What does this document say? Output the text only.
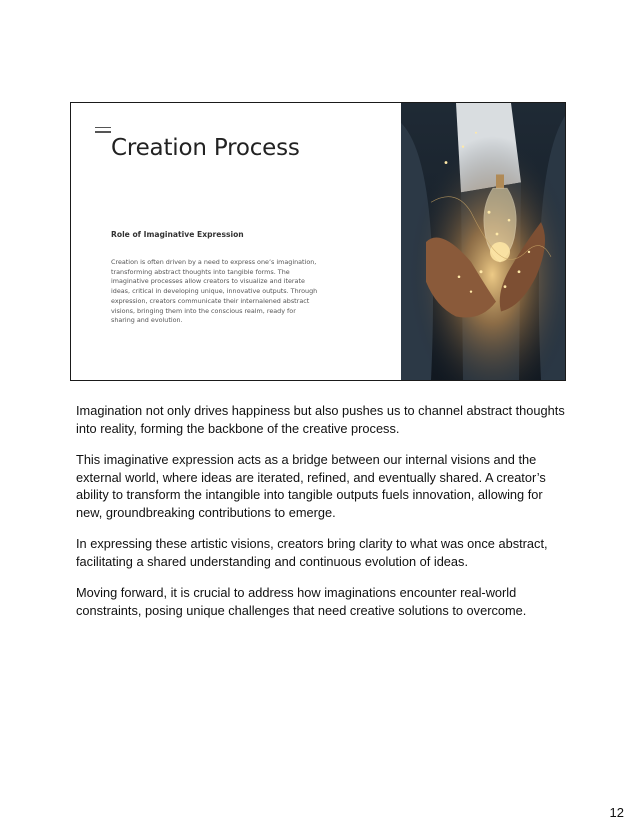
Creation Process
Role of Imaginative Expression

Creation is often driven by a need to express one’s imagination, transforming abstract thoughts into tangible forms. The imaginative processes allow creators to visualize and iterate ideas, critical in developing unique, innovative outputs. Through expression, creators communicate their internalened abstract visions, bringing them into the conscious realm, ready for sharing and evolution.

Imagination not only drives happiness but also pushes us to channel abstract thoughts into reality, forming the backbone of the creative process.

This imaginative expression acts as a bridge between our internal visions and the external world, where ideas are iterated, refined, and eventually shared. A creator’s ability to transform the intangible into tangible outputs fuels innovation, allowing for new, groundbreaking contributions to emerge.

In expressing these artistic visions, creators bring clarity to what was once abstract, facilitating a shared understanding and continuous evolution of ideas.

Moving forward, it is crucial to address how imaginations encounter real-world constraints, posing unique challenges that need creative solutions to overcome.

12
